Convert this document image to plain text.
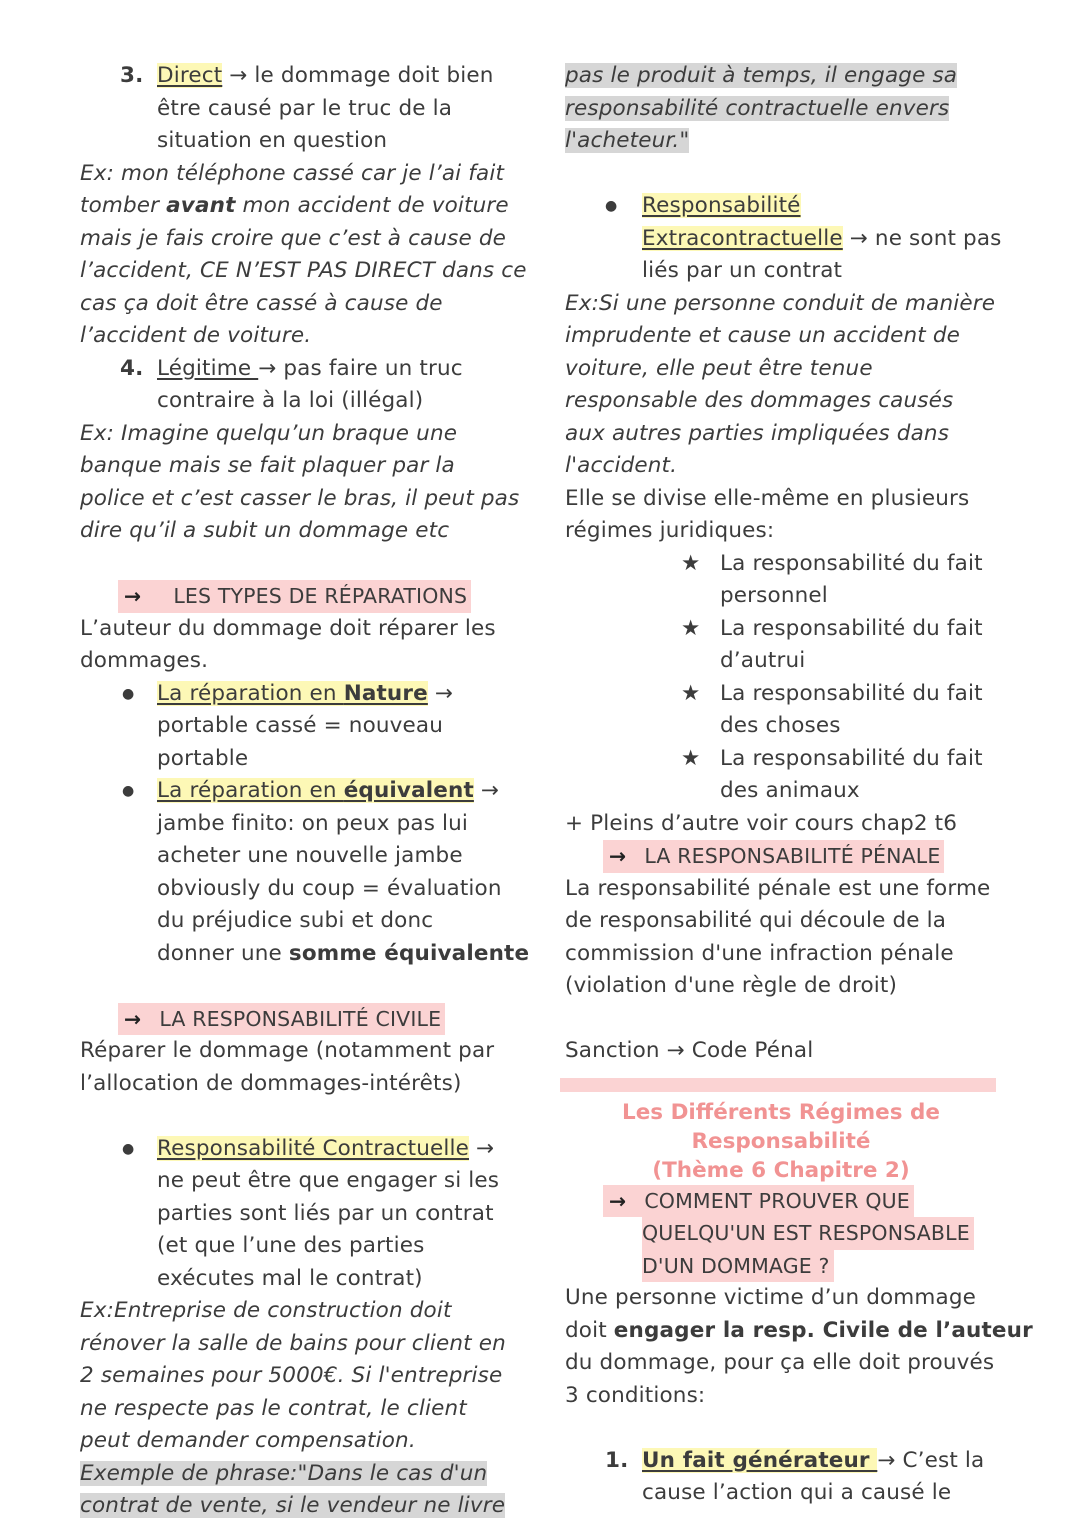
3. Direct → le dommage doit bien
être causé par le truc de la
situation en question
Ex: mon téléphone cassé car je l’ai fait
tomber avant mon accident de voiture
mais je fais croire que c’est à cause de
l’accident, CE N’EST PAS DIRECT dans ce
cas ça doit être cassé à cause de
l’accident de voiture.
4. Légitime → pas faire un truc
contraire à la loi (illégal)
Ex: Imagine quelqu’un braque une
banque mais se fait plaquer par la
police et c’est casser le bras, il peut pas
dire qu’il a subit un dommage etc
→ LES TYPES DE RÉPARATIONS
L’auteur du dommage doit réparer les
dommages.
● La réparation en Nature →
portable cassé = nouveau
portable
● La réparation en équivalent →
jambe finito: on peux pas lui
acheter une nouvelle jambe
obviously du coup = évaluation
du préjudice subi et donc
donner une somme équivalente
→ LA RESPONSABILITÉ CIVILE
Réparer le dommage (notamment par
l’allocation de dommages-intérêts)
● Responsabilité Contractuelle →
ne peut être que engager si les
parties sont liés par un contrat
(et que l’une des parties
exécutes mal le contrat)
Ex:Entreprise de construction doit
rénover la salle de bains pour client en
2 semaines pour 5000€. Si l'entreprise
ne respecte pas le contrat, le client
peut demander compensation.
Exemple de phrase:"Dans le cas d'un
contrat de vente, si le vendeur ne livre
pas le produit à temps, il engage sa
responsabilité contractuelle envers
l'acheteur."
● Responsabilité
Extracontractuelle → ne sont pas
liés par un contrat
Ex:Si une personne conduit de manière
imprudente et cause un accident de
voiture, elle peut être tenue
responsable des dommages causés
aux autres parties impliquées dans
l'accident.
Elle se divise elle-même en plusieurs
régimes juridiques:
★ La responsabilité du fait
personnel
★ La responsabilité du fait
d’autrui
★ La responsabilité du fait
des choses
★ La responsabilité du fait
des animaux
+ Pleins d’autre voir cours chap2 t6
→ LA RESPONSABILITÉ PÉNALE
La responsabilité pénale est une forme
de responsabilité qui découle de la
commission d'une infraction pénale
(violation d'une règle de droit)
Sanction → Code Pénal
Les Différents Régimes de
Responsabilité
(Thème 6 Chapitre 2)
→ COMMENT PROUVER QUE
QUELQU'UN EST RESPONSABLE
D'UN DOMMAGE ?
Une personne victime d’un dommage
doit engager la resp. Civile de l’auteur
du dommage, pour ça elle doit prouvés
3 conditions:
1. Un fait générateur → C’est la
cause l’action qui a causé le
